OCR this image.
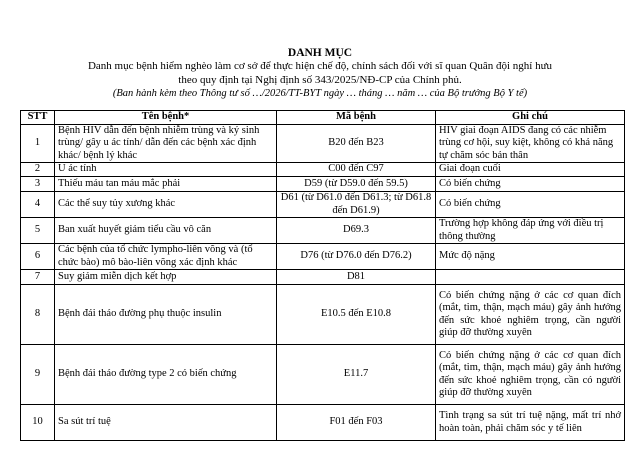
DANH MỤC
Danh mục bệnh hiểm nghèo làm cơ sở để thực hiện chế độ, chính sách đối với sĩ quan Quân đội nghỉ hưu
theo quy định tại Nghị định số 343/2025/NĐ-CP của Chính phủ.
(Ban hành kèm theo Thông tư số …/2026/TT-BYT ngày … tháng … năm … của Bộ trưởng Bộ Y tế)
STT	Tên bệnh*	Mã bệnh	Ghi chú
1	Bệnh HIV dẫn đến bệnh nhiễm trùng và ký sinh trùng/ gây u ác tính/ dẫn đến các bệnh xác định khác/ bệnh lý khác	B20 đến B23	HIV giai đoạn AIDS đang có các nhiễm trùng cơ hội, suy kiệt, không có khả năng tự chăm sóc bản thân
2	U ác tính	C00 đến C97	Giai đoạn cuối
3	Thiếu máu tan máu mắc phải	D59 (từ D59.0 đến 59.5)	Có biến chứng
4	Các thể suy tủy xương khác	D61 (từ D61.0 đến D61.3; từ D61.8 đến D61.9)	Có biến chứng
5	Ban xuất huyết giảm tiểu cầu vô căn	D69.3	Trường hợp không đáp ứng với điều trị thông thường
6	Các bệnh của tổ chức lympho-liên võng và (tổ chức bào) mô bào-liên võng xác định khác	D76 (từ D76.0 đến D76.2)	Mức độ nặng
7	Suy giảm miễn dịch kết hợp	D81	
8	Bệnh đái tháo đường phụ thuộc insulin	E10.5 đến E10.8	Có biến chứng nặng ở các cơ quan đích (mắt, tim, thận, mạch máu) gây ảnh hưởng đến sức khoẻ nghiêm trọng, cần người giúp đỡ thường xuyên
9	Bệnh đái tháo đường type 2 có biến chứng	E11.7	Có biến chứng nặng ở các cơ quan đích (mắt, tim, thận, mạch máu) gây ảnh hưởng đến sức khoẻ nghiêm trọng, cần có người giúp đỡ thường xuyên
10	Sa sút trí tuệ	F01 đến F03	Tình trạng sa sút trí tuệ nặng, mất trí nhớ hoàn toàn, phải chăm sóc y tế liên
